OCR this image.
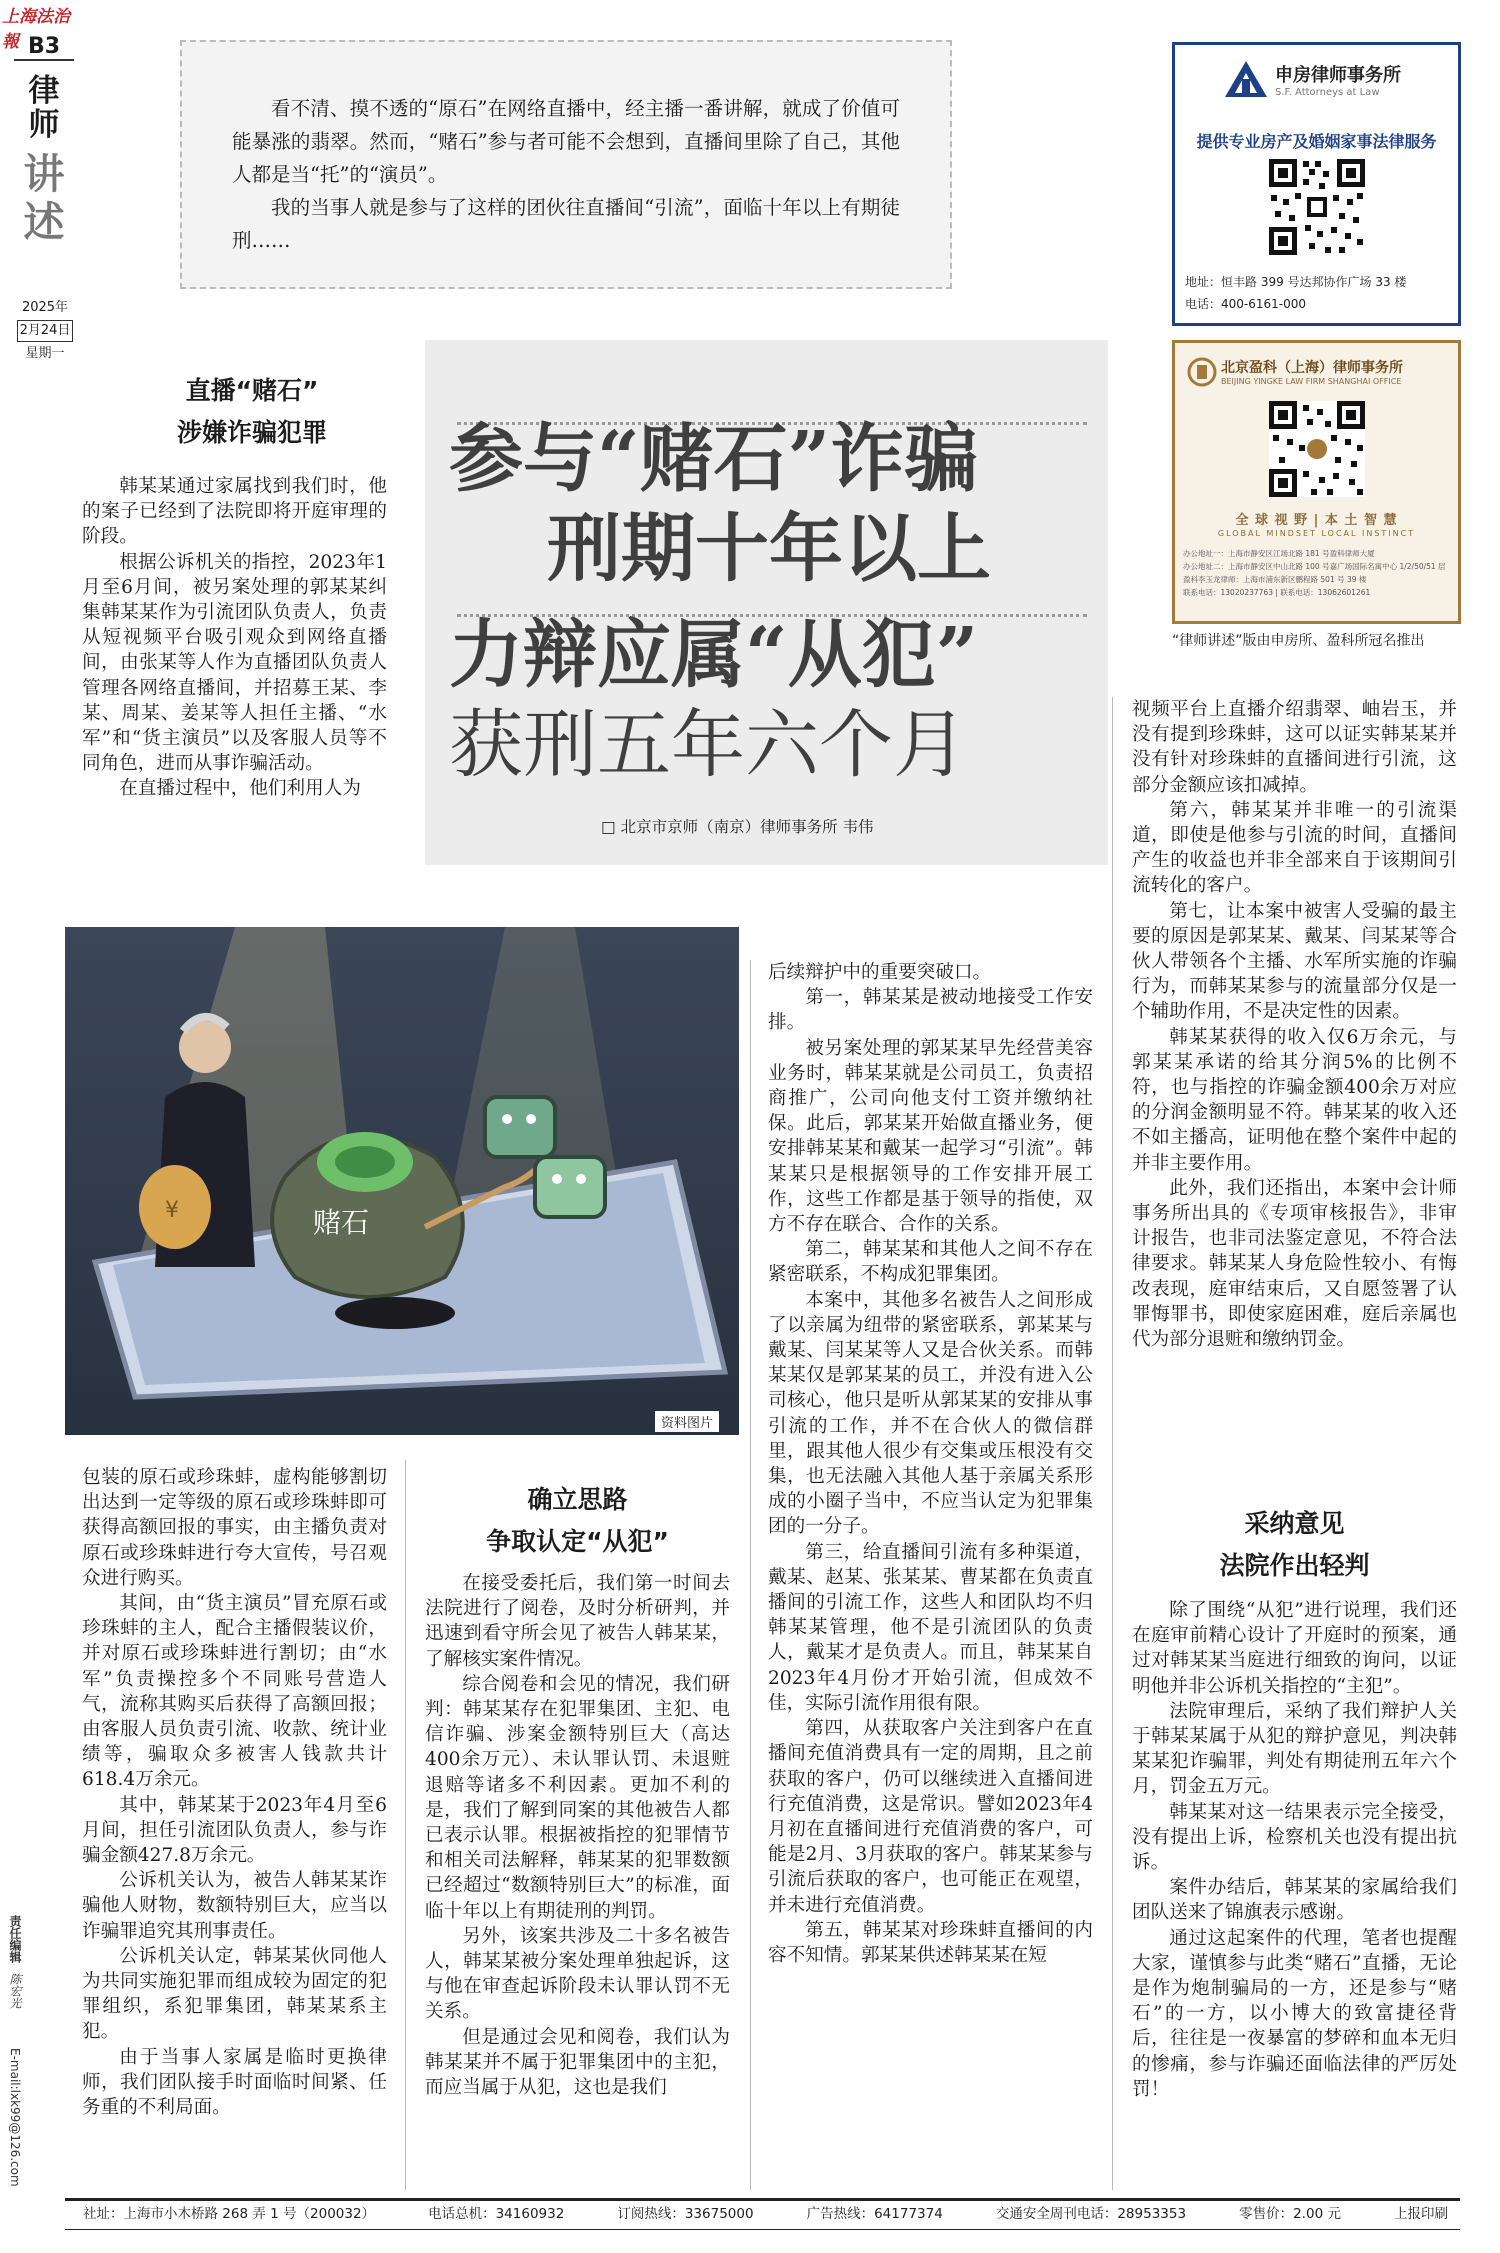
上海法治報 B3
律师
讲述
2025年
2月24日
星期一

看不清、摸不透的“原石”在网络直播中，经主播一番讲解，就成了价值可能暴涨的翡翠。然而，“赌石”参与者可能不会想到，直播间里除了自己，其他人都是当“托”的“演员”。

我的当事人就是参与了这样的团伙往直播间“引流”，面临十年以上有期徒刑……

申房律师事务所
S.F. Attorneys at Law
提供专业房产及婚姻家事法律服务
地址：恒丰路 399 号达邦协作广场 33 楼
电话：400-6161-000
北京盈科（上海）律师事务所
BEIJING YINGKE LAW FIRM SHANGHAI OFFICE
全 球 视 野 | 本 土 智 慧
GLOBAL MINDSET LOCAL INSTINCT
办公地址一：上海市静安区江场北路 181 号盈科律师大厦
办公地址二：上海市静安区中山北路 100 号嘉广场国际名寓中心 1/2/50/51 层
盈科李玉龙律师：上海市浦东新区鹏程路 501 号 39 楼
联系电话：13020237763 | 联系电话：13062601261
“律师讲述”版由申房所、盈科所冠名推出
直播“赌石”
涉嫌诈骗犯罪

韩某某通过家属找到我们时，他的案子已经到了法院即将开庭审理的阶段。

根据公诉机关的指控，2023年1月至6月间，被另案处理的郭某某纠集韩某某作为引流团队负责人，负责从短视频平台吸引观众到网络直播间，由张某等人作为直播团队负责人管理各网络直播间，并招募王某、李某、周某、姜某等人担任主播、“水军”和“货主演员”以及客服人员等不同角色，进而从事诈骗活动。

在直播过程中，他们利用人为

参与“赌石”诈骗
刑期十年以上
力辩应属“从犯”
获刑五年六个月
□ 北京市京师（南京）律师事务所 韦伟
¥	赌石
资料图片

包装的原石或珍珠蚌，虚构能够割切出达到一定等级的原石或珍珠蚌即可获得高额回报的事实，由主播负责对原石或珍珠蚌进行夸大宣传，号召观众进行购买。

其间，由“货主演员”冒充原石或珍珠蚌的主人，配合主播假装议价，并对原石或珍珠蚌进行割切；由“水军”负责操控多个不同账号营造人气，流称其购买后获得了高额回报；由客服人员负责引流、收款、统计业绩等，骗取众多被害人钱款共计618.4万余元。

其中，韩某某于2023年4月至6月间，担任引流团队负责人，参与诈骗金额427.8万余元。

公诉机关认为，被告人韩某某诈骗他人财物，数额特别巨大，应当以诈骗罪追究其刑事责任。

公诉机关认定，韩某某伙同他人为共同实施犯罪而组成较为固定的犯罪组织，系犯罪集团，韩某某系主犯。

由于当事人家属是临时更换律师，我们团队接手时面临时间紧、任务重的不利局面。

确立思路
争取认定“从犯”

在接受委托后，我们第一时间去法院进行了阅卷，及时分析研判，并迅速到看守所会见了被告人韩某某，了解核实案件情况。

综合阅卷和会见的情况，我们研判：韩某某存在犯罪集团、主犯、电信诈骗、涉案金额特别巨大（高达400余万元）、未认罪认罚、未退赃退赔等诸多不利因素。更加不利的是，我们了解到同案的其他被告人都已表示认罪。根据被指控的犯罪情节和相关司法解释，韩某某的犯罪数额已经超过“数额特别巨大”的标准，面临十年以上有期徒刑的判罚。

另外，该案共涉及二十多名被告人，韩某某被分案处理单独起诉，这与他在审查起诉阶段未认罪认罚不无关系。

但是通过会见和阅卷，我们认为韩某某并不属于犯罪集团中的主犯，而应当属于从犯，这也是我们

后续辩护中的重要突破口。

第一，韩某某是被动地接受工作安排。

被另案处理的郭某某早先经营美容业务时，韩某某就是公司员工，负责招商推广，公司向他支付工资并缴纳社保。此后，郭某某开始做直播业务，便安排韩某某和戴某一起学习“引流”。韩某某只是根据领导的工作安排开展工作，这些工作都是基于领导的指使，双方不存在联合、合作的关系。

第二，韩某某和其他人之间不存在紧密联系，不构成犯罪集团。

本案中，其他多名被告人之间形成了以亲属为纽带的紧密联系，郭某某与戴某、闫某某等人又是合伙关系。而韩某某仅是郭某某的员工，并没有进入公司核心，他只是听从郭某某的安排从事引流的工作，并不在合伙人的微信群里，跟其他人很少有交集或压根没有交集，也无法融入其他人基于亲属关系形成的小圈子当中，不应当认定为犯罪集团的一分子。

第三，给直播间引流有多种渠道，戴某、赵某、张某某、曹某都在负责直播间的引流工作，这些人和团队均不归韩某某管理，他不是引流团队的负责人，戴某才是负责人。而且，韩某某自2023年4月份才开始引流，但成效不佳，实际引流作用很有限。

第四，从获取客户关注到客户在直播间充值消费具有一定的周期，且之前获取的客户，仍可以继续进入直播间进行充值消费，这是常识。譬如2023年4月初在直播间进行充值消费的客户，可能是2月、3月获取的客户。韩某某参与引流后获取的客户，也可能正在观望，并未进行充值消费。

第五，韩某某对珍珠蚌直播间的内容不知情。郭某某供述韩某某在短

视频平台上直播介绍翡翠、岫岩玉，并没有提到珍珠蚌，这可以证实韩某某并没有针对珍珠蚌的直播间进行引流，这部分金额应该扣减掉。

第六，韩某某并非唯一的引流渠道，即使是他参与引流的时间，直播间产生的收益也并非全部来自于该期间引流转化的客户。

第七，让本案中被害人受骗的最主要的原因是郭某某、戴某、闫某某等合伙人带领各个主播、水军所实施的诈骗行为，而韩某某参与的流量部分仅是一个辅助作用，不是决定性的因素。

韩某某获得的收入仅6万余元，与郭某某承诺的给其分润5%的比例不符，也与指控的诈骗金额400余万对应的分润金额明显不符。韩某某的收入还不如主播高，证明他在整个案件中起的并非主要作用。

此外，我们还指出，本案中会计师事务所出具的《专项审核报告》，非审计报告，也非司法鉴定意见，不符合法律要求。韩某某人身危险性较小、有悔改表现，庭审结束后，又自愿签署了认罪悔罪书，即使家庭困难，庭后亲属也代为部分退赃和缴纳罚金。

采纳意见
法院作出轻判

除了围绕“从犯”进行说理，我们还在庭审前精心设计了开庭时的预案，通过对韩某某当庭进行细致的询问，以证明他并非公诉机关指控的“主犯”。

法院审理后，采纳了我们辩护人关于韩某某属于从犯的辩护意见，判决韩某某犯诈骗罪，判处有期徒刑五年六个月，罚金五万元。

韩某某对这一结果表示完全接受，没有提出上诉，检察机关也没有提出抗诉。

案件办结后，韩某某的家属给我们团队送来了锦旗表示感谢。

通过这起案件的代理，笔者也提醒大家，谨慎参与此类“赌石”直播，无论是作为炮制骗局的一方，还是参与“赌石”的一方，以小博大的致富捷径背后，往往是一夜暴富的梦碎和血本无归的惨痛，参与诈骗还面临法律的严厉处罚！

责任编辑 陈宏光
E-mail:lxk99@126.com
社址：上海市小木桥路 268 弄 1 号（200032）	电话总机：34160932	订阅热线：33675000	广告热线：64177374	交通安全周刊电话：28953353	零售价：2.00 元	上报印刷
